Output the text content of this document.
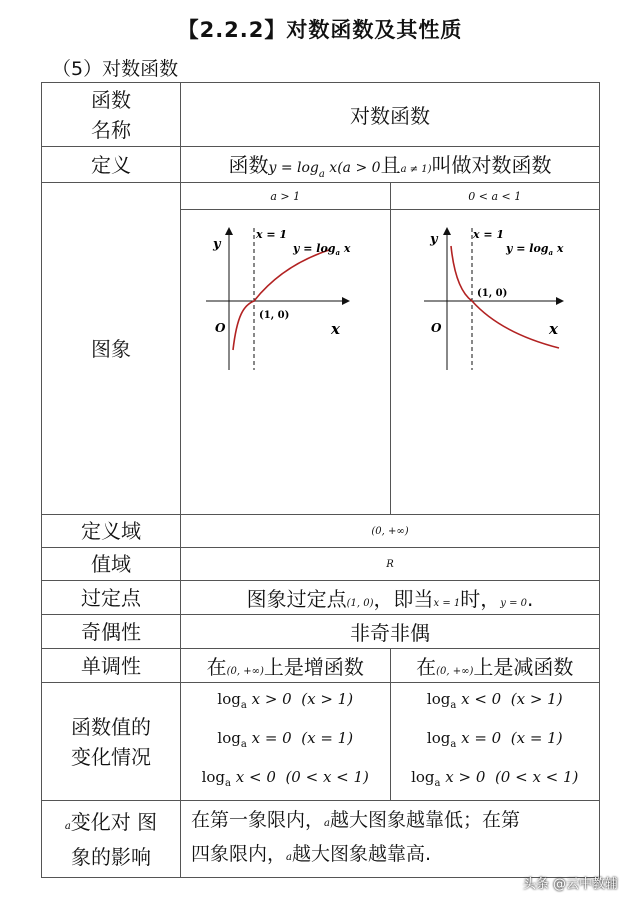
【2.2.2】对数函数及其性质
（5）对数函数
函数
名称
	对数函数
定义	函数$y = \log_a x(a > 0$且a ≠ 1)叫做对数函数
图象	
a > 1	0 < a < 1

y
x
O
x = 1
$y = \log_a x$
(1, 0)

y
x
O
x = 1
$y = \log_a x$
(1, 0)

定义域	(0, +∞)
值域	R
过定点	图象过定点(1, 0)，即当x = 1时，y = 0.
奇偶性	非奇非偶
单调性		在(0, +∞)上是增函数	在(0, +∞)上是减函数

函数值的
变化情况

$\log_a x > 0$ (x > 1)
$\log_a x = 0$ (x = 1)
$\log_a x < 0$ (0 < x < 1)

$\log_a x < 0$ (x > 1)
$\log_a x = 0$ (x = 1)
$\log_a x > 0$ (0 < x < 1)

a变化对 图
象的影响

在第一象限内，a越大图象越靠低；在第
四象限内，a越大图象越靠高.
头条 @云中教辅
